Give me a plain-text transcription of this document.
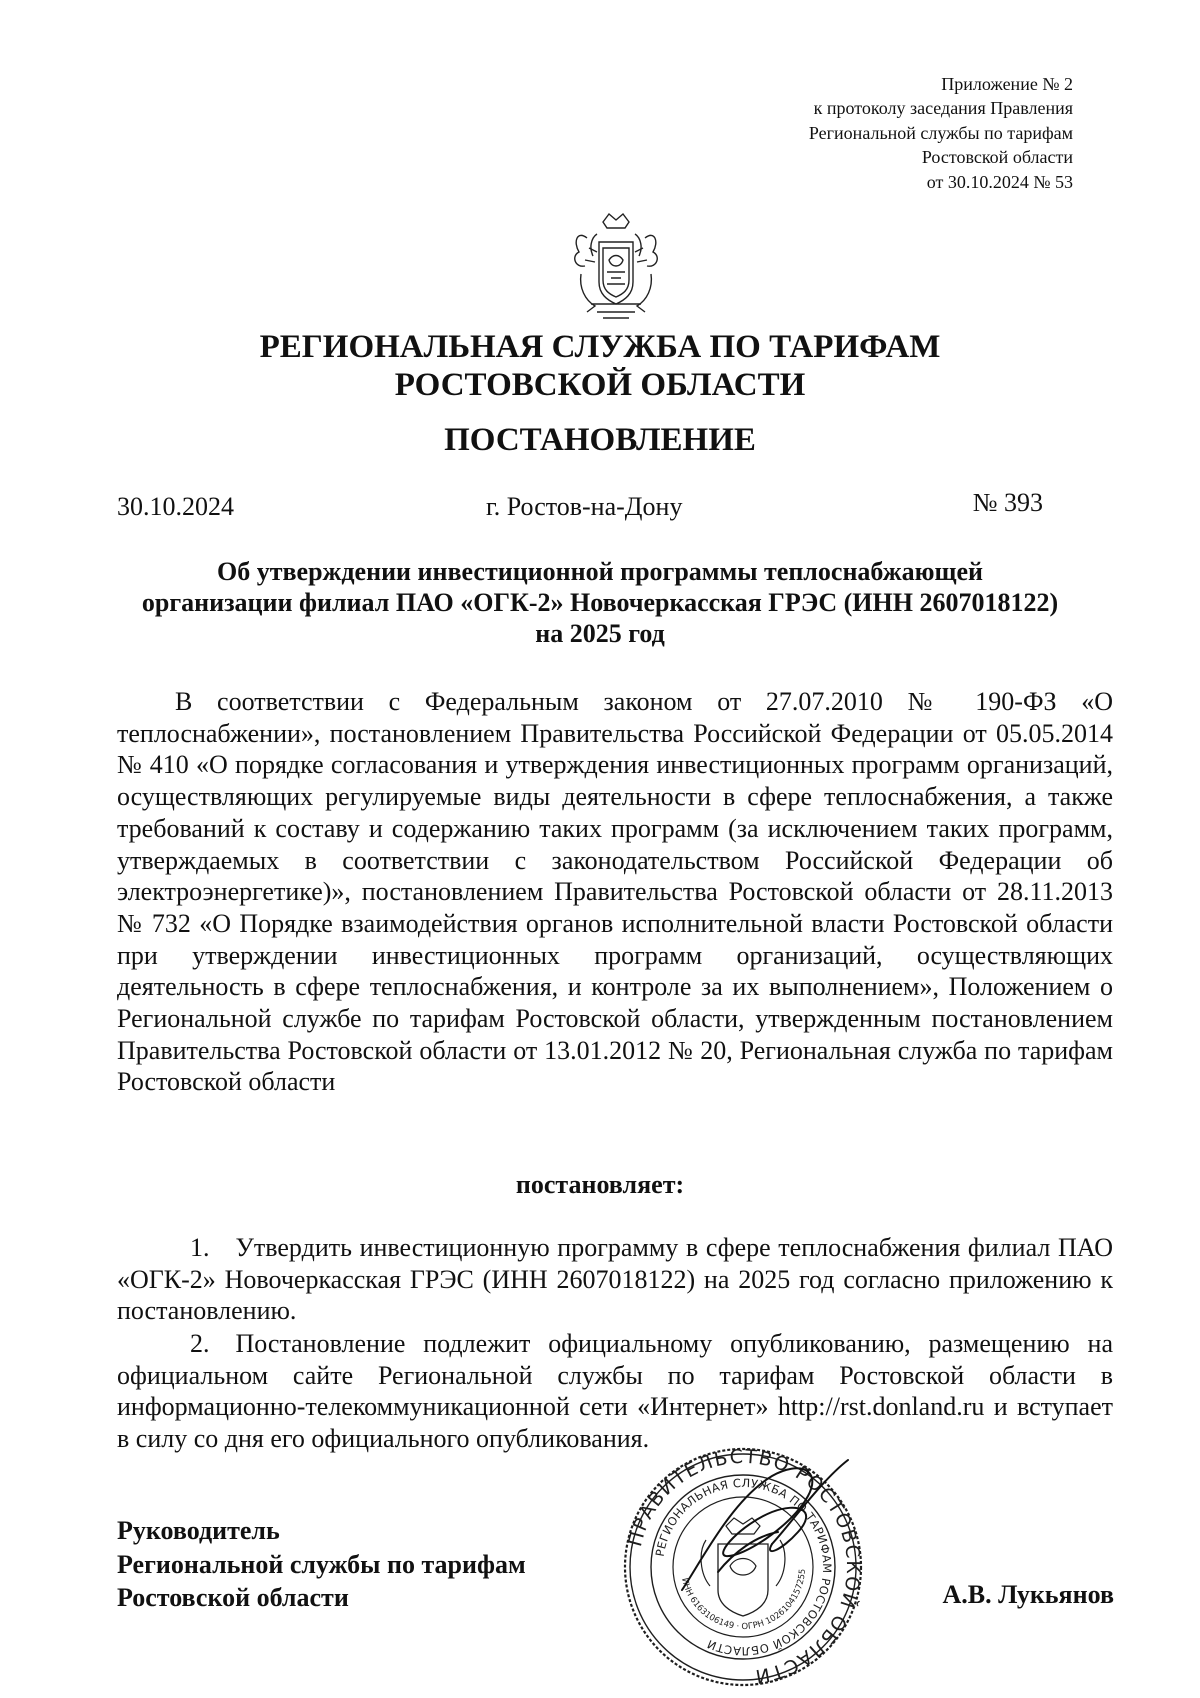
Приложение № 2
к протоколу заседания Правления
Региональной службы по тарифам
Ростовской области
от 30.10.2024 № 53
РЕГИОНАЛЬНАЯ СЛУЖБА ПО ТАРИФАМ
РОСТОВСКОЙ ОБЛАСТИ
ПОСТАНОВЛЕНИЕ
30.10.2024	г. Ростов-на-Дону	№ 393
Об утверждении инвестиционной программы теплоснабжающей
организации филиал ПАО «ОГК-2» Новочеркасская ГРЭС (ИНН 2607018122)
на 2025 год
В соответствии с Федеральным законом от 27.07.2010 № 190-ФЗ «О теплоснабжении», постановлением Правительства Российской Федерации от 05.05.2014 № 410 «О порядке согласования и утверждения инвестиционных программ организаций, осуществляющих регулируемые виды деятельности в сфере теплоснабжения, а также требований к составу и содержанию таких программ (за исключением таких программ, утверждаемых в соответствии с законодательством Российской Федерации об электроэнергетике)», постановлением Правительства Ростовской области от 28.11.2013 № 732 «О Порядке взаимодействия органов исполнительной власти Ростовской области при утверждении инвестиционных программ организаций, осуществляющих деятельность в сфере теплоснабжения, и контроле за их выполнением», Положением о Региональной службе по тарифам Ростовской области, утвержденным постановлением Правительства Ростовской области от 13.01.2012 № 20, Региональная служба по тарифам Ростовской области
постановляет:
1. Утвердить инвестиционную программу в сфере теплоснабжения филиал ПАО «ОГК-2» Новочеркасская ГРЭС (ИНН 2607018122) на 2025 год согласно приложению к постановлению.
2. Постановление подлежит официальному опубликованию, размещению на официальном сайте Региональной службы по тарифам Ростовской области в информационно-телекоммуникационной сети «Интернет» http://rst.donland.ru и вступает в силу со дня его официального опубликования.
Руководитель
Региональной службы по тарифам
Ростовской области
ПРАВИТЕЛЬСТВО РОСТОВСКОЙ ОБЛАСТИ
РЕГИОНАЛЬНАЯ СЛУЖБА ПО ТАРИФАМ РОСТОВСКОЙ ОБЛАСТИ
ИНН 6163106149 · ОГРН 1026104157255
А.В. Лукьянов
